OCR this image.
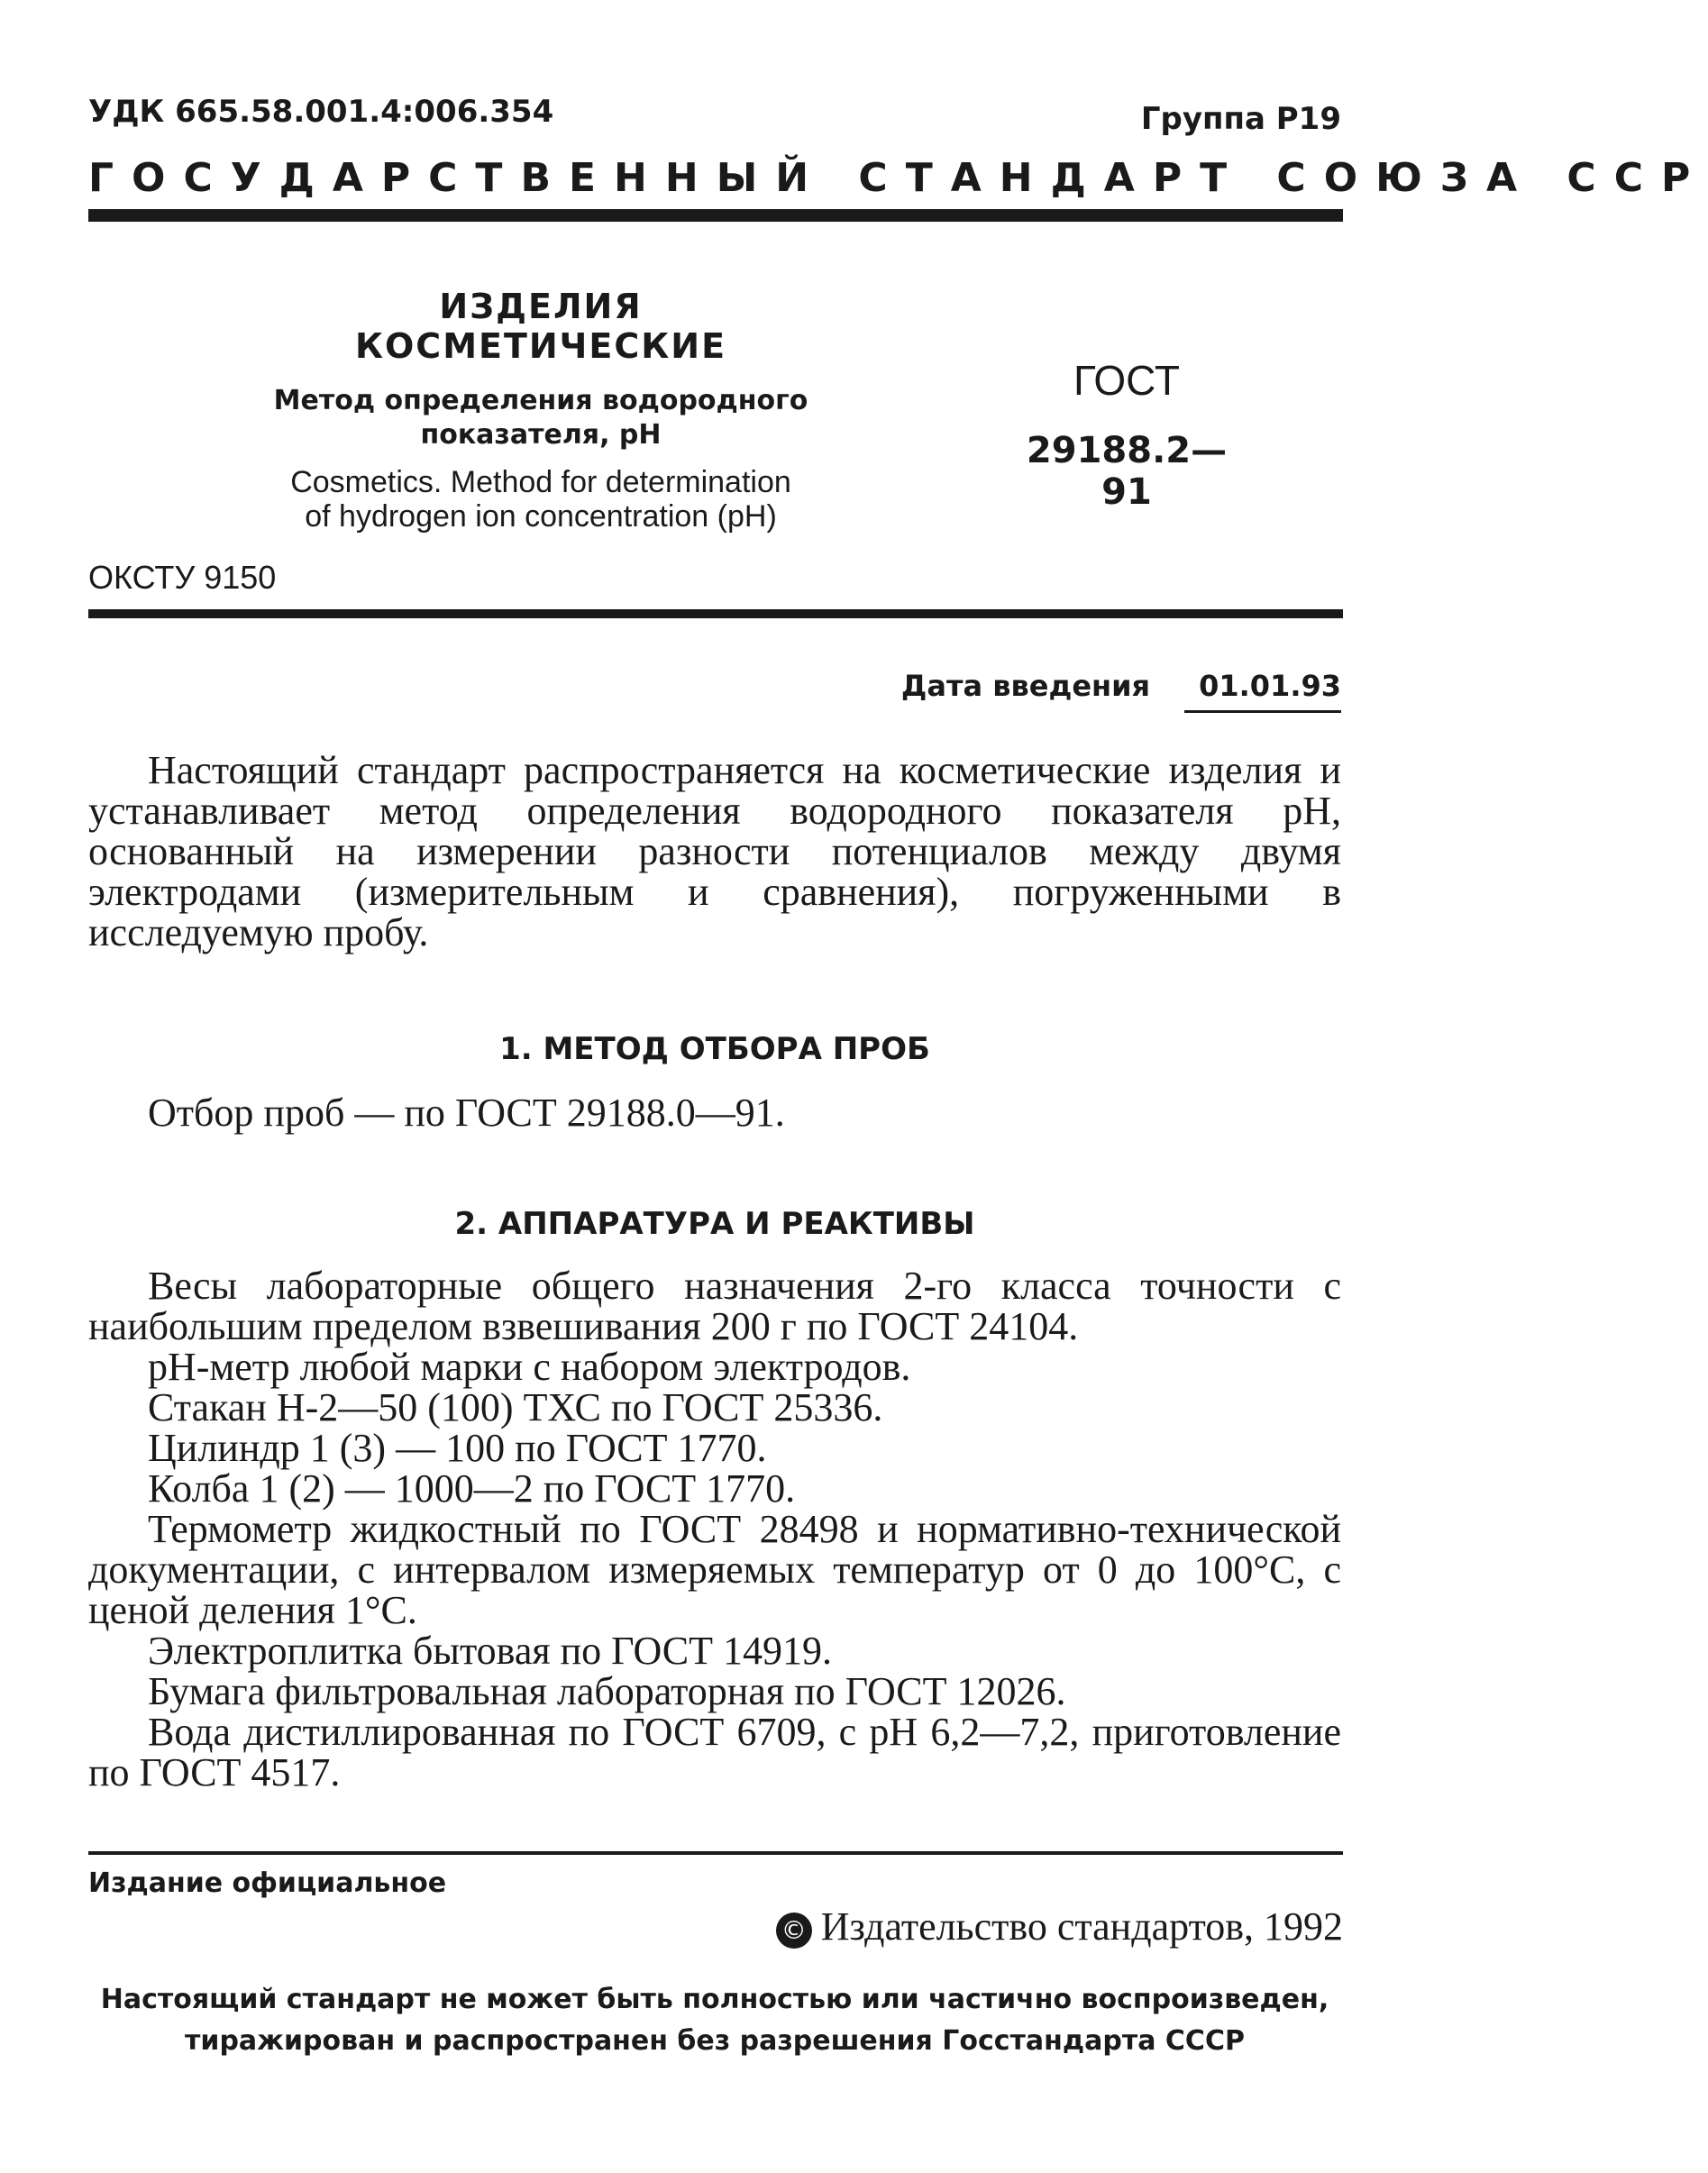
УДК 665.58.001.4:006.354	Группа Р19
ГОСУДАРСТВЕННЫЙ СТАНДАРТ СОЮЗА ССР
ИЗДЕЛИЯ КОСМЕТИЧЕСКИЕ
Метод определения водородного
показателя, рН
Cosmetics. Method for determination
of hydrogen ion concentration (pH)
ГОСТ
29188.2—91
ОКСТУ 9150
Дата введения 01.01.93
Настоящий стандарт распространяется на косметические изделия и устанавливает метод определения водородного показателя рН, основанный на измерении разности потенциалов между двумя электродами (измерительным и сравнения), погруженными в исследуемую пробу.
1. МЕТОД ОТБОРА ПРОБ
Отбор проб — по ГОСТ 29188.0—91.
2. АППАРАТУРА И РЕАКТИВЫ
Весы лабораторные общего назначения 2-го класса точности с наибольшим пределом взвешивания 200 г по ГОСТ 24104.
рН-метр любой марки с набором электродов.
Стакан Н-2—50 (100) ТХС по ГОСТ 25336.
Цилиндр 1 (3) — 100 по ГОСТ 1770.
Колба 1 (2) — 1000—2 по ГОСТ 1770.
Термометр жидкостный по ГОСТ 28498 и нормативно-технической документации, с интервалом измеряемых температур от 0 до 100°С, с ценой деления 1°С.
Электроплитка бытовая по ГОСТ 14919.
Бумага фильтровальная лабораторная по ГОСТ 12026.
Вода дистиллированная по ГОСТ 6709, с рН 6,2—7,2, приготовление по ГОСТ 4517.
Издание официальное
© Издательство стандартов, 1992
Настоящий стандарт не может быть полностью или частично воспроизведен,
тиражирован и распространен без разрешения Госстандарта СССР
